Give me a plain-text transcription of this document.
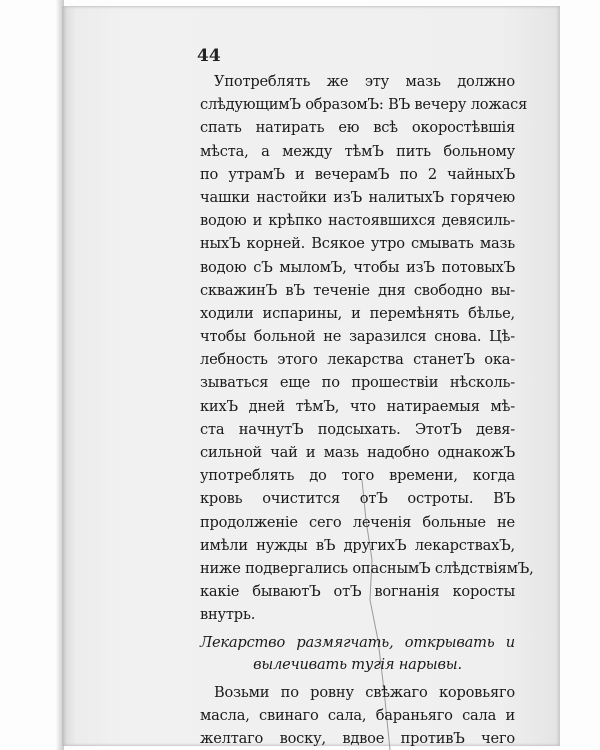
44
Употреблять же эту мазь должно
слѣдующимЪ образомЪ: ВЪ вечеру ложася
спать натирать ею всѣ окоростѣвшія
мѣста, а между тѣмЪ пить больному
по утрамЪ и вечерамЪ по 2 чайныхЪ
чашки настойки изЪ налитыхЪ горячею
водою и крѣпко настоявшихся девясиль-
ныхЪ корней. Всякое утро смывать мазь
водою сЪ мыломЪ, чтобы изЪ потовыхЪ
скважинЪ вЪ теченіе дня свободно вы-
ходили испарины, и перемѣнять бѣлье,
чтобы больной не заразился снова. Цѣ-
лебность этого лекарства станетЪ ока-
зываться еще по прошествіи нѣсколь-
кихЪ дней тѣмЪ, что натираемыя мѣ-
ста начнутЪ подсыхать. ЭтотЪ девя-
сильной чай и мазь надобно однакожЪ
употреблять до того времени, когда
кровь очистится отЪ остроты. ВЪ
продолженіе сего леченія больные не
имѣли нужды вЪ другихЪ лекарствахЪ,
ниже подвергались опаснымЪ слѣдствіямЪ,
какіе бываютЪ отЪ вогнанія коросты
внутрь.
Лекарство размягчать, открывать и
вылечивать тугія нарывы.
Возьми по ровну свѣжаго коровьяго
масла, свинаго сала, бараньяго сала и
желтаго воску, вдвое противЪ чего
